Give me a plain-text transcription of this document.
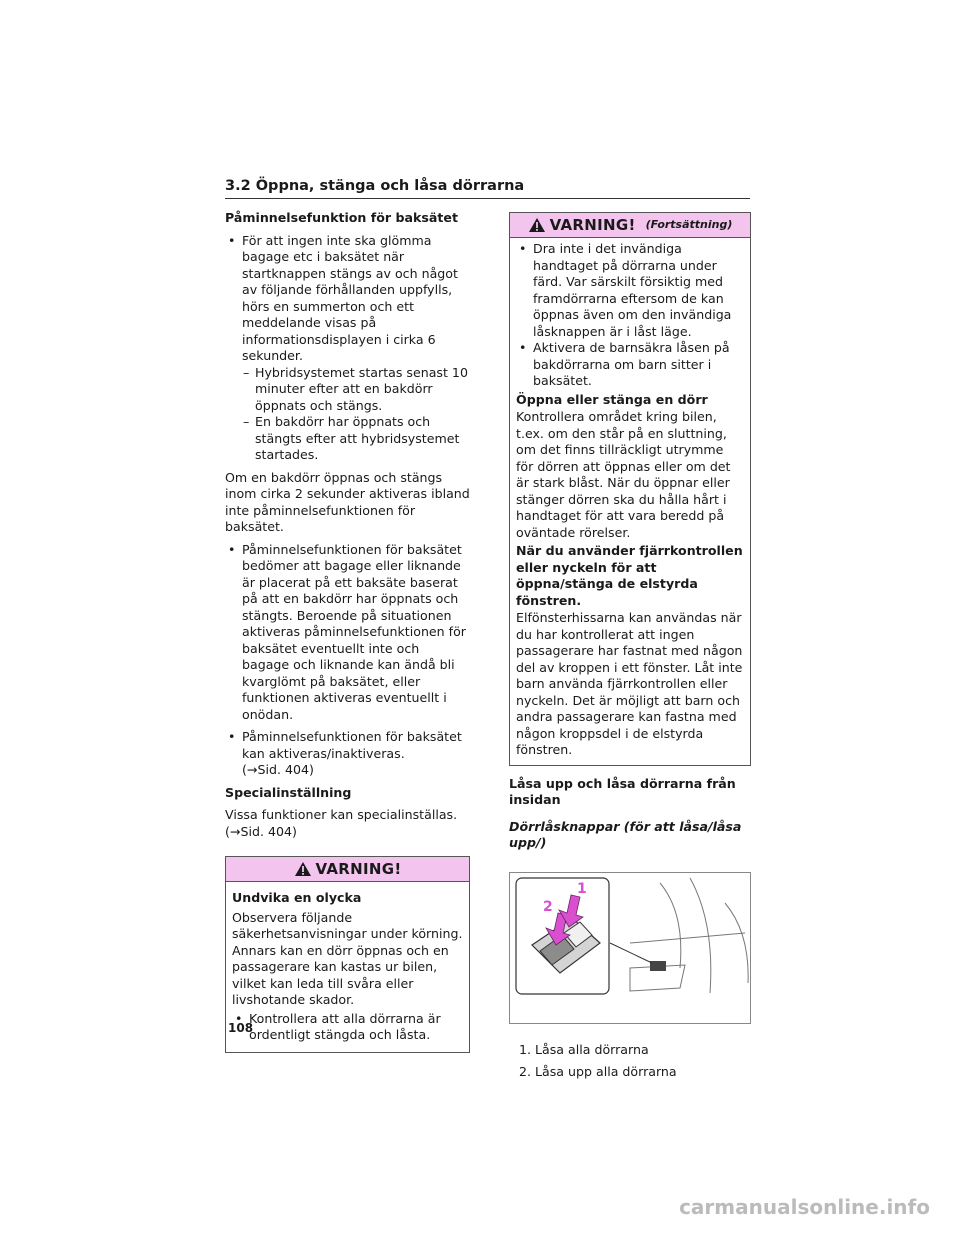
3.2 Öppna, stänga och låsa dörrarna
Påminnelsefunktion för baksätet
• För att ingen inte ska glömma bagage etc i baksätet när startknappen stängs av och något av följande förhållanden uppfylls, hörs en summerton och ett meddelande visas på informationsdisplayen i cirka 6 sekunder.
– Hybridsystemet startas senast 10 minuter efter att en bakdörr öppnats och stängs.
– En bakdörr har öppnats och stängts efter att hybridsystemet startades.

Om en bakdörr öppnas och stängs inom cirka 2 sekunder aktiveras ibland inte påminnelsefunktionen för baksätet.

• Påminnelsefunktionen för baksätet bedömer att bagage eller liknande är placerat på ett baksäte baserat på att en bakdörr har öppnats och stängts. Beroende på situationen aktiveras påminnelsefunktionen för baksätet eventuellt inte och bagage och liknande kan ändå bli kvarglömt på baksätet, eller funktionen aktiveras eventuellt i onödan.
• Påminnelsefunktionen för baksätet kan aktiveras/inaktiveras.
(→Sid. 404)
Specialinställning

Vissa funktioner kan specialinställas.
(→Sid. 404)

VARNING!
Undvika en olycka

Observera följande säkerhetsanvisningar under körning. Annars kan en dörr öppnas och en passagerare kan kastas ur bilen, vilket kan leda till svåra eller livshotande skador.

• Kontrollera att alla dörrarna är ordentligt stängda och låsta.
VARNING! (Fortsättning)
• Dra inte i det invändiga handtaget på dörrarna under färd. Var särskilt försiktig med framdörrarna eftersom de kan öppnas även om den invändiga låsknappen är i låst läge.
• Aktivera de barnsäkra låsen på bakdörrarna om barn sitter i baksätet.
Öppna eller stänga en dörr

Kontrollera området kring bilen, t.ex. om den står på en sluttning, om det finns tillräckligt utrymme för dörren att öppnas eller om det är stark blåst. När du öppnar eller stänger dörren ska du hålla hårt i handtaget för att vara beredd på oväntade rörelser.

När du använder fjärrkontrollen eller nyckeln för att öppna/stänga de elstyrda fönstren.

Elfönsterhissarna kan användas när du har kontrollerat att ingen passagerare har fastnat med någon del av kroppen i ett fönster. Låt inte barn använda fjärrkontrollen eller nyckeln. Det är möjligt att barn och andra passagerare kan fastna med någon kroppsdel i de elstyrda fönstren.

Låsa upp och låsa dörrarna från insidan
Dörrlåsknappar (för att låsa/låsa upp/)
1
2
1. Låsa alla dörrarna
2. Låsa upp alla dörrarna
108
carmanualsonline.info
